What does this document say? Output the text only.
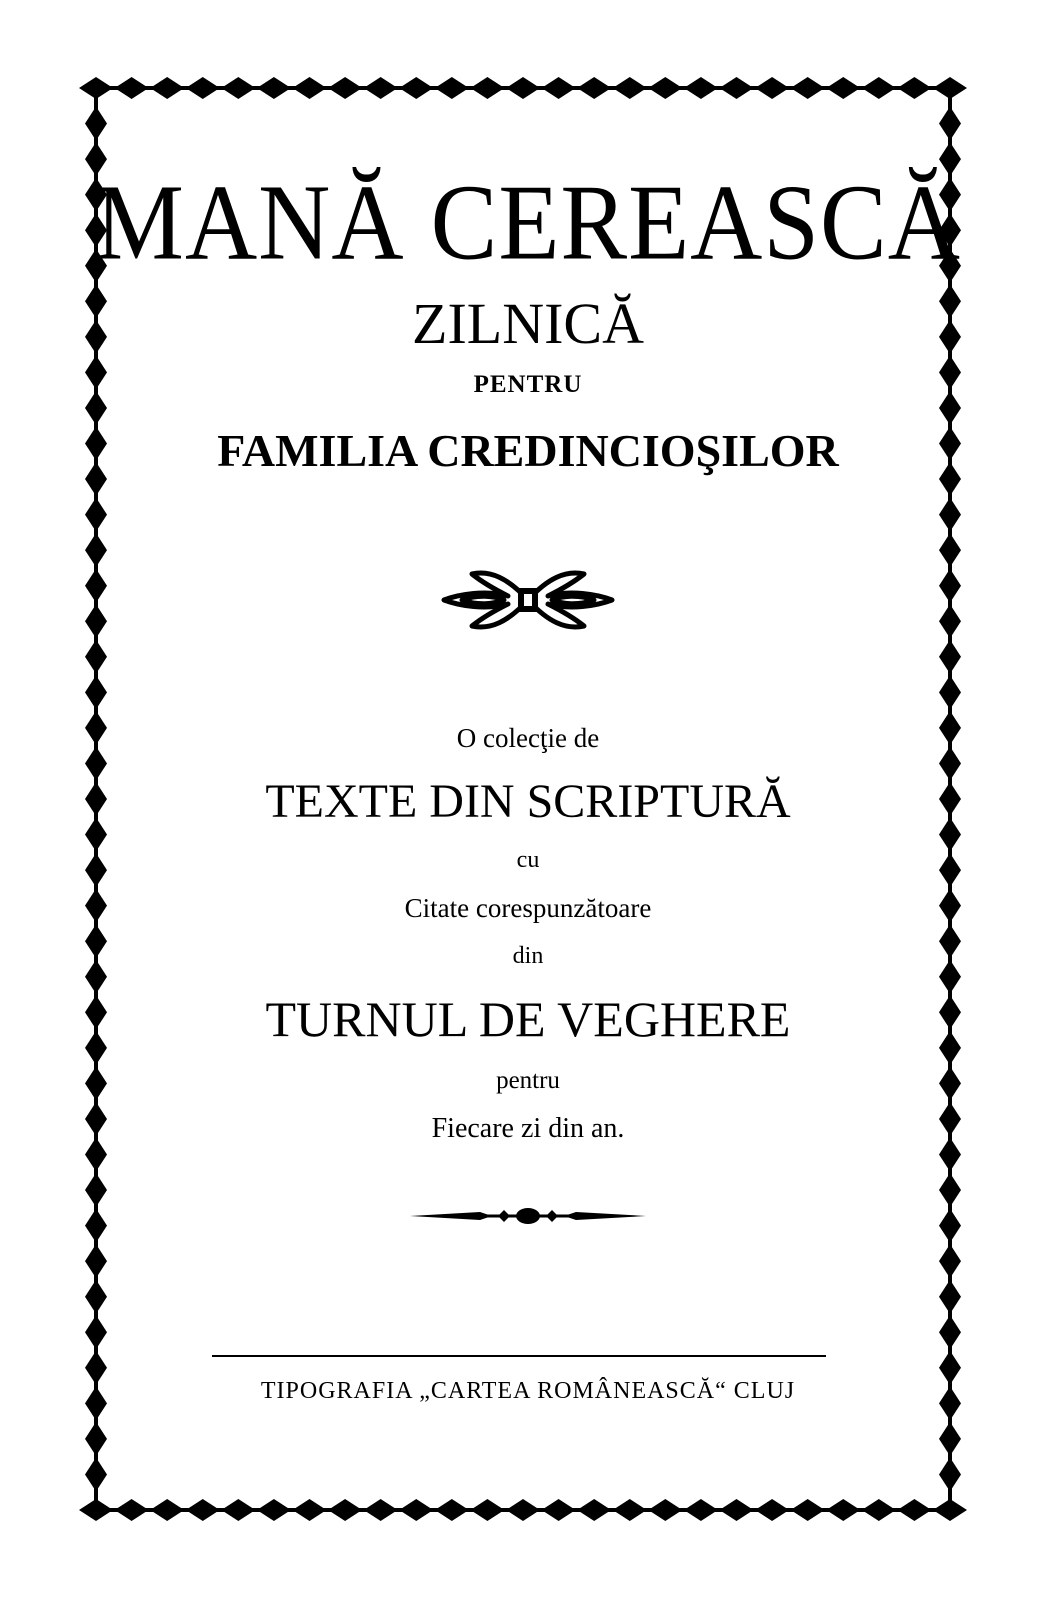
MANĂ CEREASCĂ
ZILNICĂ
PENTRU
FAMILIA CREDINCIOŞILOR
O colecţie de
TEXTE DIN SCRIPTURĂ
cu
Citate corespunzătoare
din
TURNUL DE VEGHERE
pentru
Fiecare zi din an.
TIPOGRAFIA „CARTEA ROMÂNEASCĂ“ CLUJ
